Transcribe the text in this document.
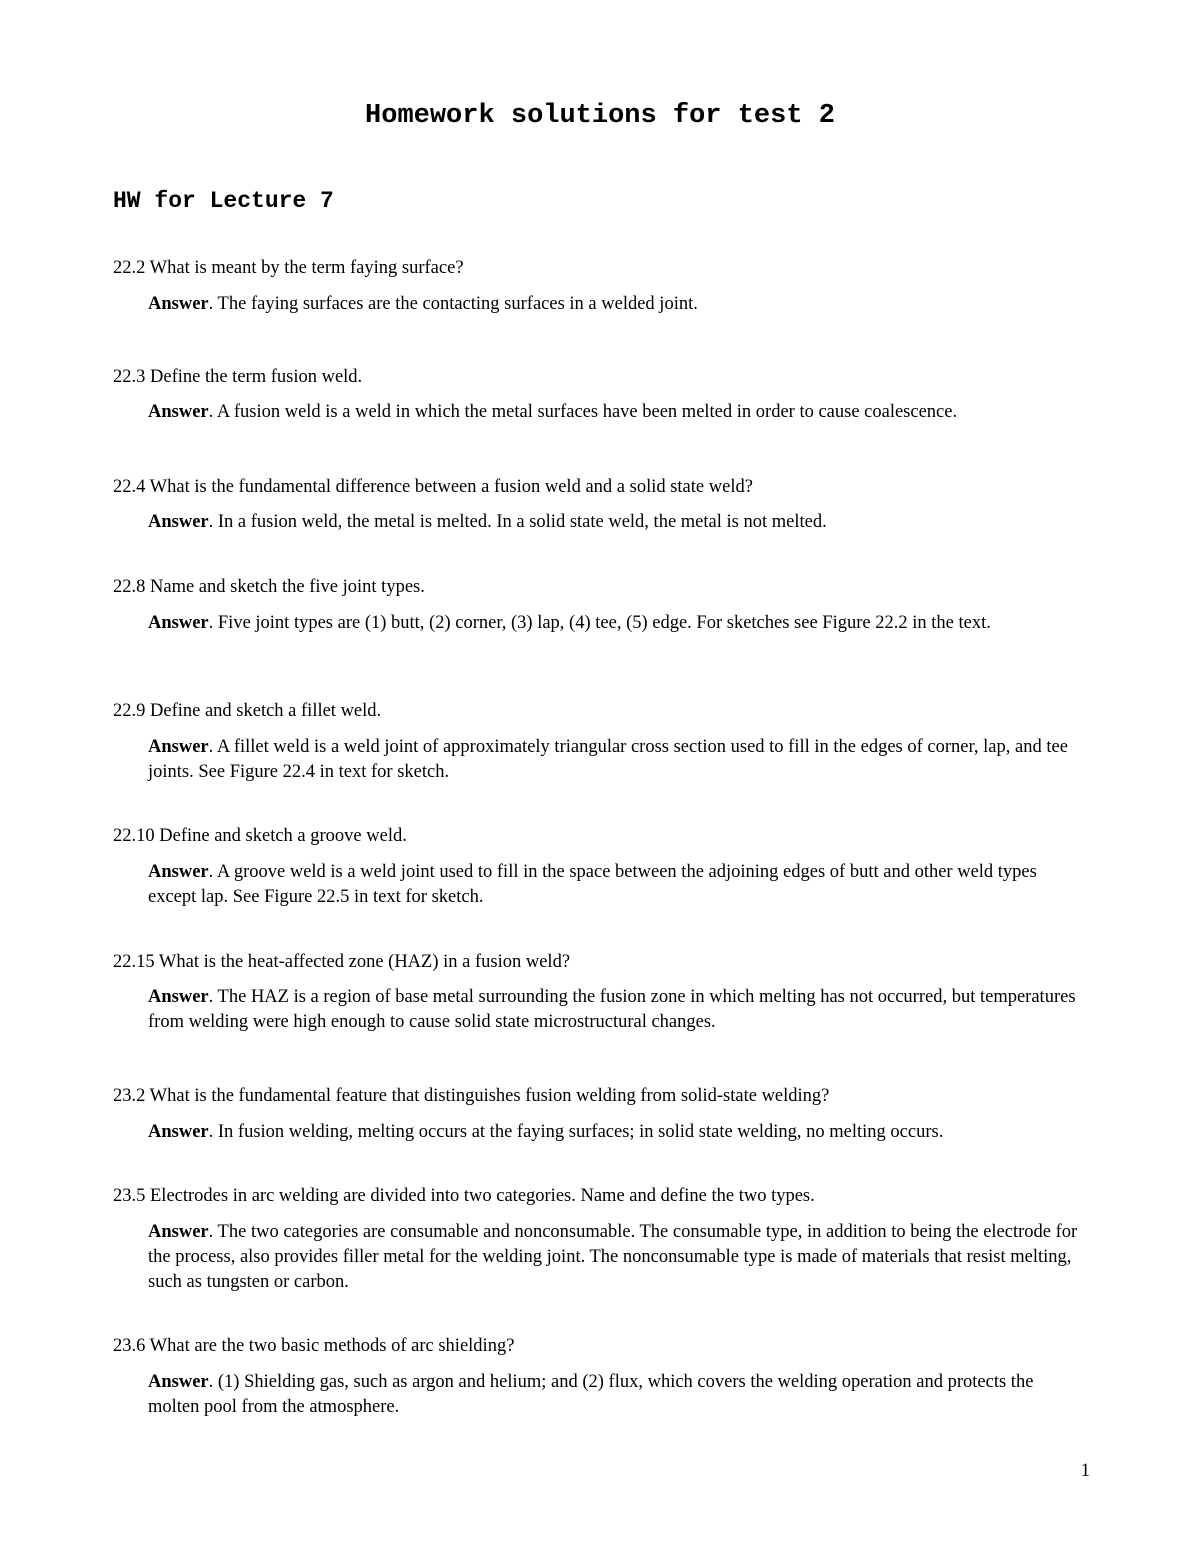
Homework solutions for test 2
HW for Lecture 7

22.2 What is meant by the term faying surface?

Answer. The faying surfaces are the contacting surfaces in a welded joint.

22.3 Define the term fusion weld.

Answer. A fusion weld is a weld in which the metal surfaces have been melted in order to cause coalescence.

22.4 What is the fundamental difference between a fusion weld and a solid state weld?

Answer. In a fusion weld, the metal is melted. In a solid state weld, the metal is not melted.

22.8 Name and sketch the five joint types.

Answer. Five joint types are (1) butt, (2) corner, (3) lap, (4) tee, (5) edge. For sketches see Figure 22.2 in the text.

22.9 Define and sketch a fillet weld.

Answer. A fillet weld is a weld joint of approximately triangular cross section used to fill in the edges of corner, lap, and tee joints. See Figure 22.4 in text for sketch.

22.10 Define and sketch a groove weld.

Answer. A groove weld is a weld joint used to fill in the space between the adjoining edges of butt and other weld types except lap. See Figure 22.5 in text for sketch.

22.15 What is the heat-affected zone (HAZ) in a fusion weld?

Answer. The HAZ is a region of base metal surrounding the fusion zone in which melting has not occurred, but temperatures from welding were high enough to cause solid state microstructural changes.

23.2 What is the fundamental feature that distinguishes fusion welding from solid-state welding?

Answer. In fusion welding, melting occurs at the faying surfaces; in solid state welding, no melting occurs.

23.5 Electrodes in arc welding are divided into two categories. Name and define the two types.

Answer. The two categories are consumable and nonconsumable. The consumable type, in addition to being the electrode for the process, also provides filler metal for the welding joint. The nonconsumable type is made of materials that resist melting, such as tungsten or carbon.

23.6 What are the two basic methods of arc shielding?

Answer. (1) Shielding gas, such as argon and helium; and (2) flux, which covers the welding operation and protects the molten pool from the atmosphere.

1
